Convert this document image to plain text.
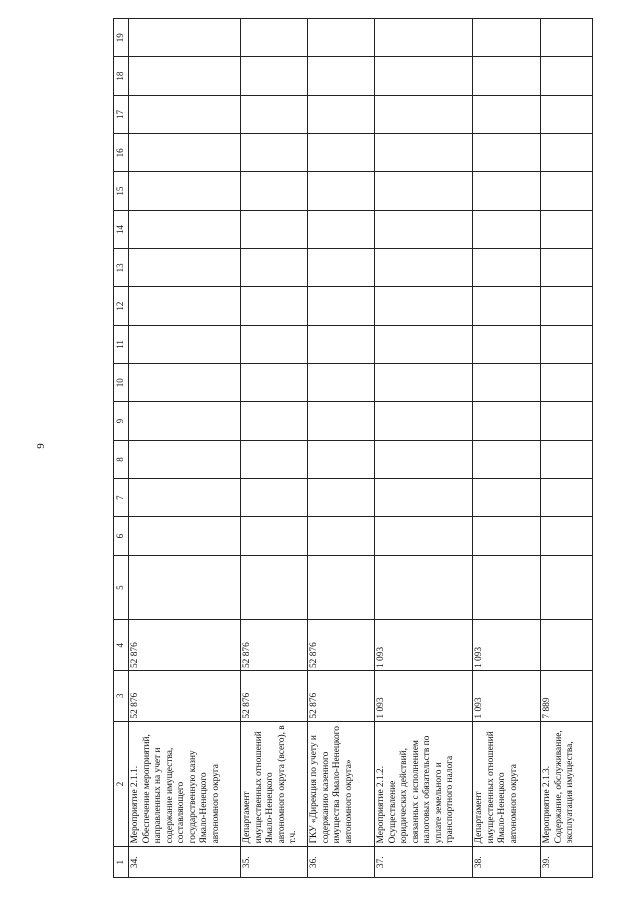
9
1	2	3	4	5	6	7	8	9	10	11	12	13	14	15	16	17	18	19
34.	Мероприятие 2.1.1. Обеспечение мероприятий, направленных на учет и содержание имущества, составляющего государственную казну Ямало-Ненецкого автономного округа	52 876	52 876															
35.	Департамент имущественных отношений Ямало-Ненецкого автономного округа (всего), в т.ч.	52 876	52 876															
36.	ГКУ «Дирекция по учету и содержанию казенного имущества Ямало-Ненецкого автономного округа»	52 876	52 876															
37.	Мероприятие 2.1.2. Осуществление юридических действий, связанных с исполнением налоговых обязательств по уплате земельного и транспортного налога	1 093	1 093															
38.	Департамент имущественных отношений Ямало-Ненецкого автономного округа	1 093	1 093															
39.	Мероприятие 2.1.3. Содержание, обслуживание, эксплуатация имущества,	7 889																
